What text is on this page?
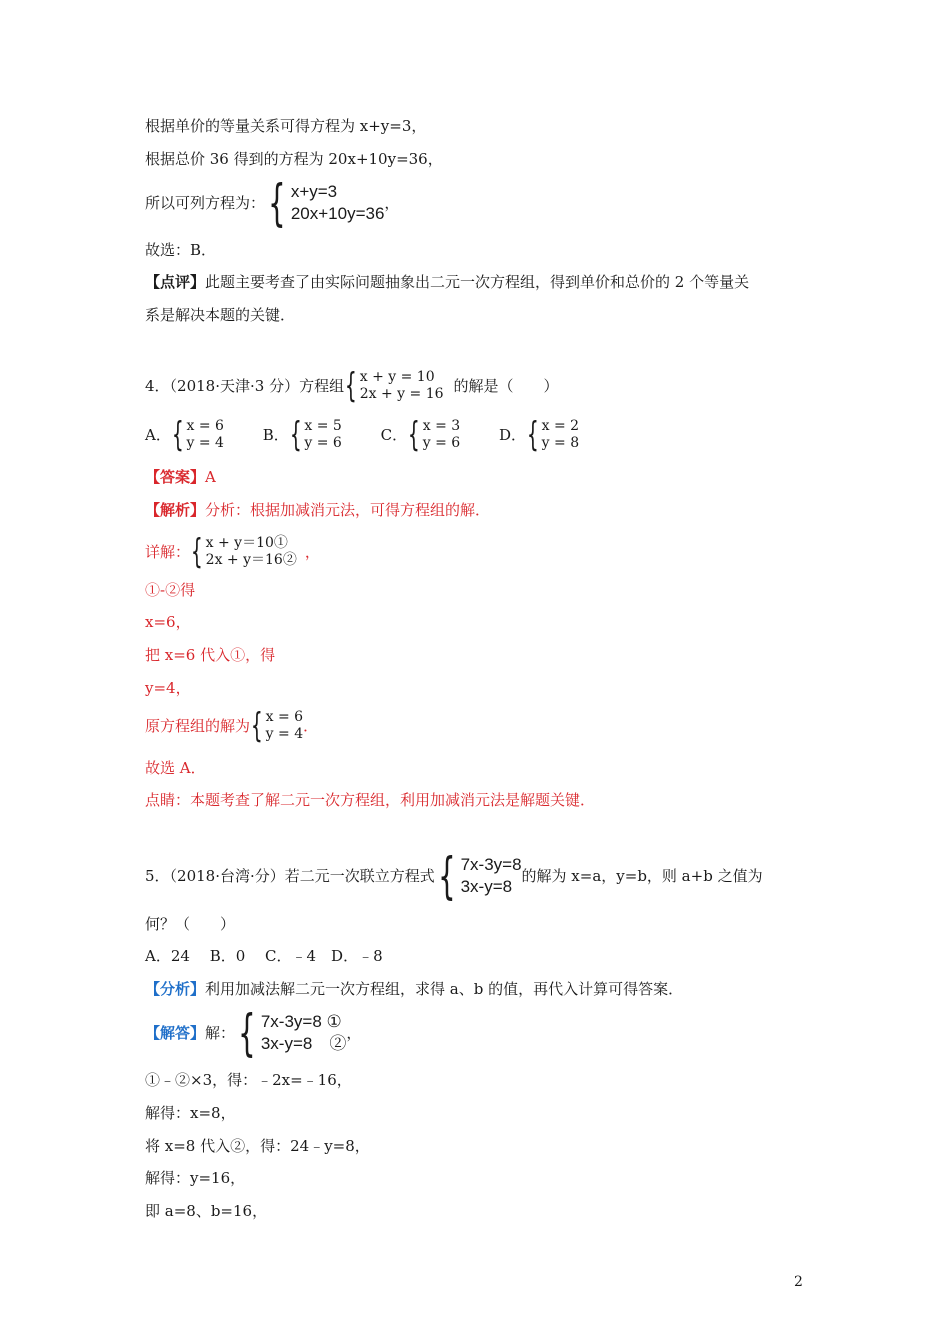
根据单价的等量关系可得方程为 x+y=3，
根据总价 36 得到的方程为 20x+10y=36，
所以可列方程为： { x+y=3
20x+10y=36
，
故选：B．
【点评】此题主要考查了由实际问题抽象出二元一次方程组，得到单价和总价的 2 个等量关
系是解决本题的关键．
4．（2018·天津·3 分）方程组 { x + y = 10
2x + y = 16 的解是（　　）
A． { x = 6
y = 4
	B． { x = 5
y = 6
	C． { x = 3
y = 6
	D． { x = 2
y = 8
【答案】A
【解析】分析：根据加减消元法，可得方程组的解．
详解： { x + y＝10①
2x + y＝16② ，
①-②得
x=6，
把 x=6 代入①，得
y=4，
原方程组的解为 { x = 6
y = 4 ．
故选 A．
点睛：本题考查了解二元一次方程组，利用加减消元法是解题关键．
5．（2018·台湾·分）若二元一次联立方程式 { 7x-3y=8
3x-y=8
的解为 x=a，y=b，则 a+b 之值为
何？（　　）
A．24　 B．0　 C．﹣4　D．﹣8
【分析】利用加减法解二元一次方程组，求得 a、b 的值，再代入计算可得答案．
【解答】 解： { 7x-3y=8 ①
3x-y=8　②
，
①﹣②×3，得：﹣2x=﹣16，
解得：x=8，
将 x=8 代入②，得：24﹣y=8，
解得：y=16，
即 a=8、b=16，
2
